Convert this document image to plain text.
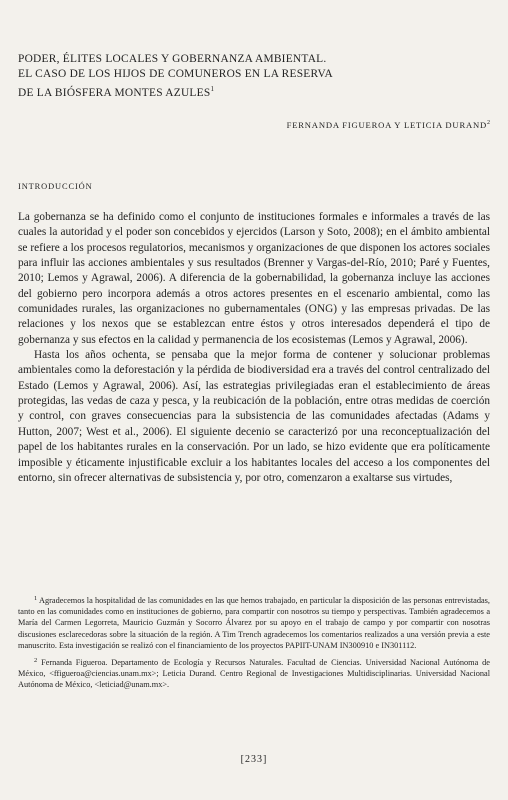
PODER, ÉLITES LOCALES Y GOBERNANZA AMBIENTAL.
EL CASO DE LOS HIJOS DE COMUNEROS EN LA RESERVA
DE LA BIÓSFERA MONTES AZULES$^1$
FERNANDA FIGUEROA Y LETICIA DURAND$^2$
INTRODUCCIÓN

La gobernanza se ha definido como el conjunto de instituciones formales e informales a través de las cuales la autoridad y el poder son concebidos y ejercidos (Larson y Soto, 2008); en el ámbito ambiental se refiere a los procesos regulatorios, mecanismos y organizaciones de que disponen los actores sociales para influir las acciones ambientales y sus resultados (Brenner y Vargas-del-Río, 2010; Paré y Fuentes, 2010; Lemos y Agrawal, 2006). A diferencia de la gobernabilidad, la gobernanza incluye las acciones del gobierno pero incorpora además a otros actores presentes en el escenario ambiental, como las comunidades rurales, las organizaciones no gubernamentales (ONG) y las empresas privadas. De las relaciones y los nexos que se establezcan entre éstos y otros interesados dependerá el tipo de gobernanza y sus efectos en la calidad y permanencia de los ecosistemas (Lemos y Agrawal, 2006).

Hasta los años ochenta, se pensaba que la mejor forma de contener y solucionar problemas ambientales como la deforestación y la pérdida de biodiversidad era a través del control centralizado del Estado (Lemos y Agrawal, 2006). Así, las estrategias privilegiadas eran el establecimiento de áreas protegidas, las vedas de caza y pesca, y la reubicación de la población, entre otras medidas de coerción y control, con graves consecuencias para la subsistencia de las comunidades afectadas (Adams y Hutton, 2007; West et al., 2006). El siguiente decenio se caracterizó por una reconceptualización del papel de los habitantes rurales en la conservación. Por un lado, se hizo evidente que era políticamente imposible y éticamente injustificable excluir a los habitantes locales del acceso a los componentes del entorno, sin ofrecer alternativas de subsistencia y, por otro, comenzaron a exaltarse sus virtudes,

$^1$ Agradecemos la hospitalidad de las comunidades en las que hemos trabajado, en particular la disposición de las personas entrevistadas, tanto en las comunidades como en instituciones de gobierno, para compartir con nosotros su tiempo y perspectivas. También agradecemos a María del Carmen Legorreta, Mauricio Guzmán y Socorro Álvarez por su apoyo en el trabajo de campo y por compartir con nosotras discusiones esclarecedoras sobre la situación de la región. A Tim Trench agradecemos los comentarios realizados a una versión previa a este manuscrito. Esta investigación se realizó con el financiamiento de los proyectos PAPIIT-UNAM IN300910 e IN301112.

$^2$ Fernanda Figueroa. Departamento de Ecología y Recursos Naturales. Facultad de Ciencias. Universidad Nacional Autónoma de México, <ffigueroa@ciencias.unam.mx>; Leticia Durand. Centro Regional de Investigaciones Multidisciplinarias. Universidad Nacional Autónoma de México, <leticiad@unam.mx>.

[233]
